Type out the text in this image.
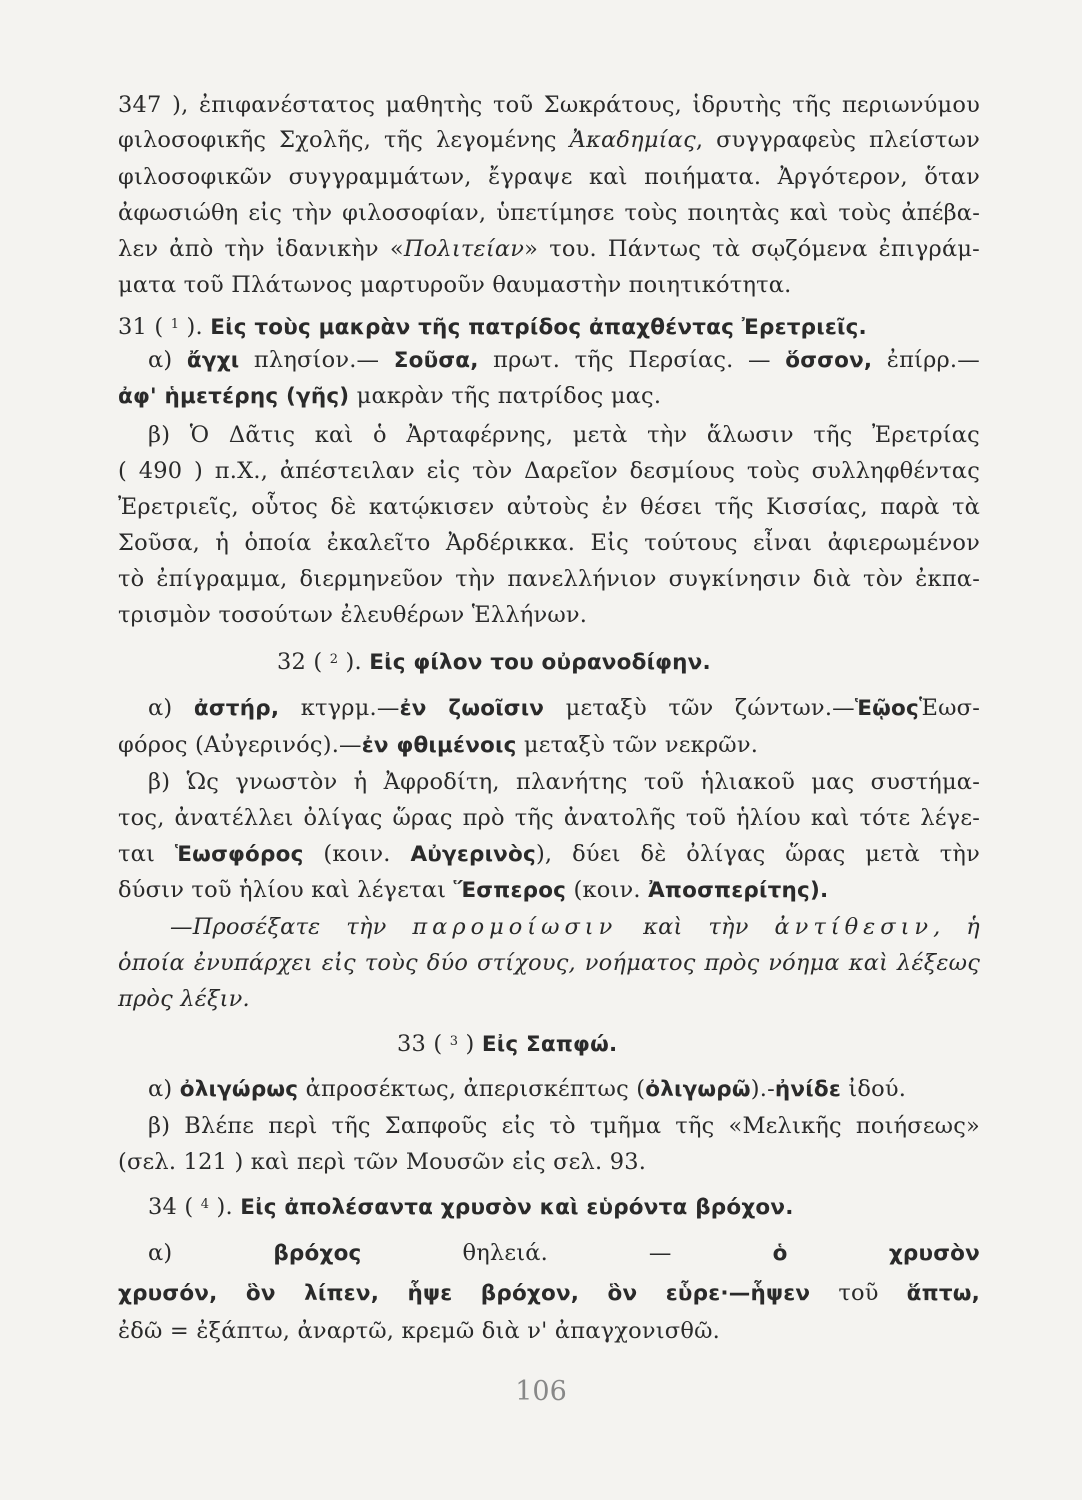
347 ), ἐπιφανέστατος μαθητὴς τοῦ Σωκράτους, ἱδρυτὴς τῆς περιωνύμου
φιλοσοφικῆς Σχολῆς, τῆς λεγομένης Ἀκαδημίας, συγγραφεὺς πλείστων
φιλοσοφικῶν συγγραμμάτων, ἔγραψε καὶ ποιήματα. Ἀργότερον, ὅταν
ἀφωσιώθη εἰς τὴν φιλοσοφίαν, ὑπετίμησε τοὺς ποιητὰς καὶ τοὺς ἀπέβα-
λεν ἀπὸ τὴν ἰδανικὴν «Πολιτείαν» του. Πάντως τὰ σῳζόμενα ἐπιγράμ-
ματα τοῦ Πλάτωνος μαρτυροῦν θαυμαστὴν ποιητικότητα.
31 ( $^1$ ). Εἰς τοὺς μακρὰν τῆς πατρίδος ἀπαχθέντας Ἐρετριεῖς.
α) ἄγχι πλησίον.— Σοῦσα, πρωτ. τῆς Περσίας. — ὅσσον, ἐπίρρ.—
ἀφ' ἡμετέρης (γῆς) μακρὰν τῆς πατρίδος μας.
β) Ὁ Δᾶτις καὶ ὁ Ἀρταφέρνης, μετὰ τὴν ἅλωσιν τῆς Ἐρετρίας
( 490 ) π.Χ., ἀπέστειλαν εἰς τὸν Δαρεῖον δεσμίους τοὺς συλληφθέντας
Ἐρετριεῖς, οὗτος δὲ κατῴκισεν αὐτοὺς ἐν θέσει τῆς Κισσίας, παρὰ τὰ
Σοῦσα, ἡ ὁποία ἐκαλεῖτο Ἀρδέρικκα. Εἰς τούτους εἶναι ἀφιερωμένον
τὸ ἐπίγραμμα, διερμηνεῦον τὴν πανελλήνιον συγκίνησιν διὰ τὸν ἐκπα-
τρισμὸν τοσούτων ἐλευθέρων Ἑλλήνων.
32 ( $^2$ ). Εἰς φίλον του οὐρανοδίφην.
α) ἀστήρ, κτγρμ.—ἐν ζωοῖσιν μεταξὺ τῶν ζώντων.—ἙῷοςἙωσ-
φόρος (Αὐγερινός).—ἐν φθιμένοις μεταξὺ τῶν νεκρῶν.
β) Ὡς γνωστὸν ἡ Ἀφροδίτη, πλανήτης τοῦ ἡλιακοῦ μας συστήμα-
τος, ἀνατέλλει ὀλίγας ὥρας πρὸ τῆς ἀνατολῆς τοῦ ἡλίου καὶ τότε λέγε-
ται Ἑωσφόρος (κοιν. Αὐγερινὸς), δύει δὲ ὀλίγας ὥρας μετὰ τὴν
δύσιν τοῦ ἡλίου καὶ λέγεται Ἕσπερος (κοιν. Ἀποσπερίτης).
—Προσέξατε τὴν παρομοίωσιν καὶ τὴν ἀντίθεσιν, ἡ
ὁποία ἐνυπάρχει εἰς τοὺς δύο στίχους, νοήματος πρὸς νόημα καὶ λέξεως
πρὸς λέξιν.
33 ( $^3$ ) Εἰς Σαπφώ.
α) ὀλιγώρως ἀπροσέκτως, ἀπερισκέπτως (ὀλιγωρῶ).-ἠνίδε ἰδού.
β) Βλέπε περὶ τῆς Σαπφοῦς εἰς τὸ τμῆμα τῆς «Μελικῆς ποιήσεως»
(σελ. 121 ) καὶ περὶ τῶν Μουσῶν εἰς σελ. 93.
34 ( $^4$ ). Εἰς ἀπολέσαντα χρυσὸν καὶ εὑρόντα βρόχον.
α) βρόχος θηλειά. — ὁ χρυσὸν
χρυσόν, ὃν λίπεν, ἧψε βρόχον, ὃν εὗρε·—ἧψεν τοῦ ἅπτω,
ἐδῶ = ἐξάπτω, ἀναρτῶ, κρεμῶ διὰ ν' ἀπαγχονισθῶ.
106
